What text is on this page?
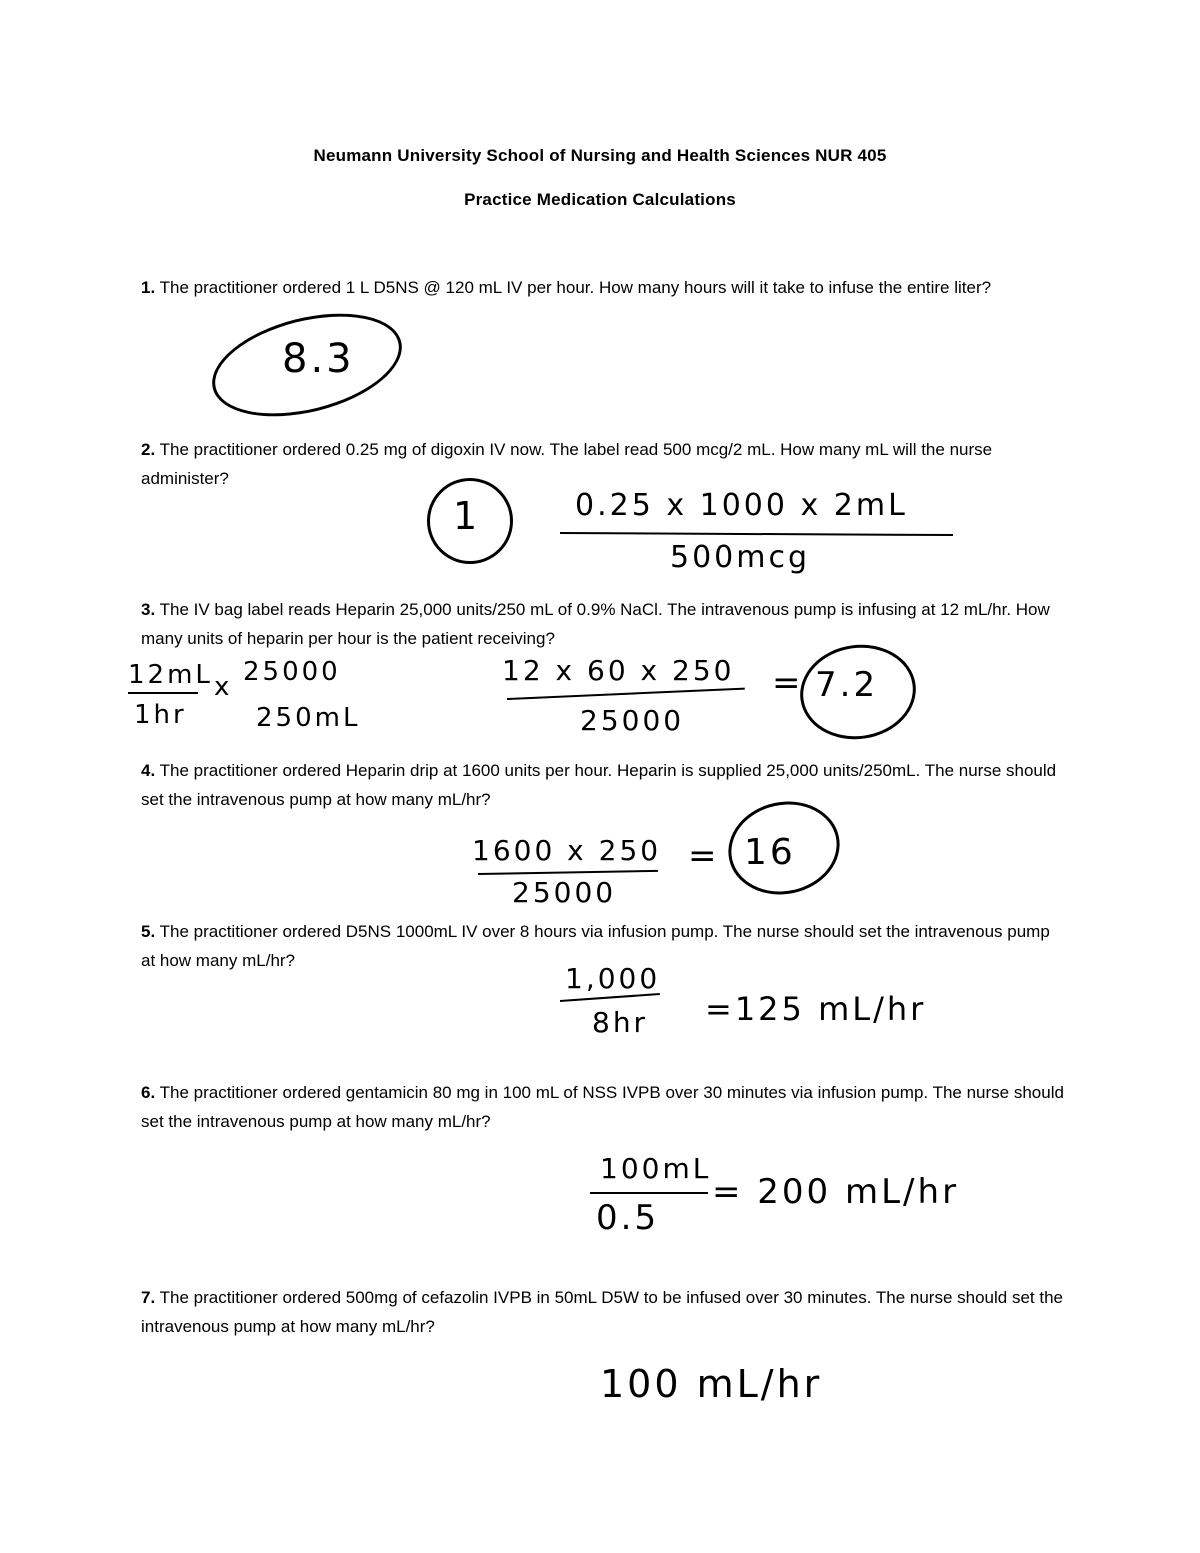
Neumann University School of Nursing and Health Sciences NUR 405
Practice Medication Calculations
1. The practitioner ordered 1 L D5NS @ 120 mL IV per hour. How many hours will it take to infuse the entire liter?
8.3
2. The practitioner ordered 0.25 mg of digoxin IV now. The label read 500 mcg/2 mL. How many mL will the nurse administer?
1	0.25 x 1000 x 2mL
500mcg
3. The IV bag label reads Heparin 25,000 units/250 mL of 0.9% NaCl. The intravenous pump is infusing at 12 mL/hr. How many units of heparin per hour is the patient receiving?
12mL
1hr
x 25000
250mL
12 x 60 x 250
25000
= 7.2
4. The practitioner ordered Heparin drip at 1600 units per hour. Heparin is supplied 25,000 units/250mL. The nurse should set the intravenous pump at how many mL/hr?
1600 x 250
25000
= 16
5. The practitioner ordered D5NS 1000mL IV over 8 hours via infusion pump. The nurse should set the intravenous pump at how many mL/hr?
1,000
8hr =125 mL/hr
6. The practitioner ordered gentamicin 80 mg in 100 mL of NSS IVPB over 30 minutes via infusion pump. The nurse should set the intravenous pump at how many mL/hr?
100mL
0.5
= 200 mL/hr
7. The practitioner ordered 500mg of cefazolin IVPB in 50mL D5W to be infused over 30 minutes. The nurse should set the intravenous pump at how many mL/hr?
100 mL/hr
